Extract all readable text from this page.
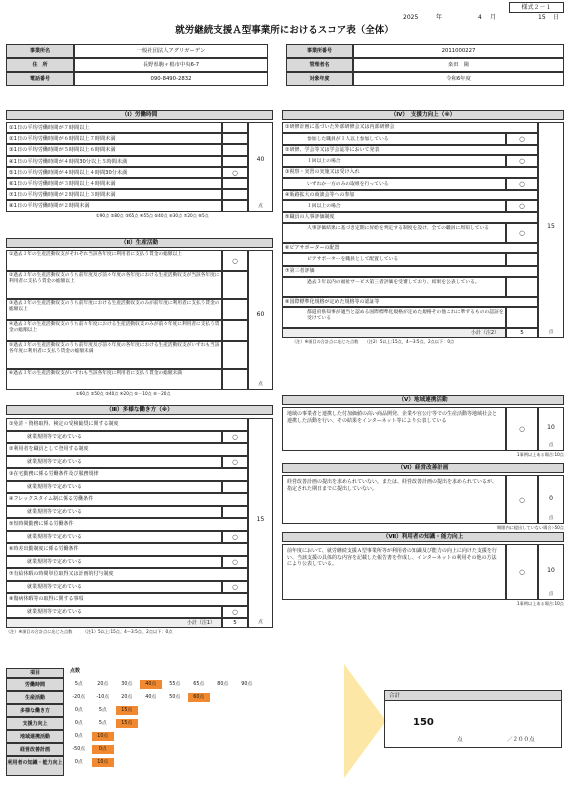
様式２－１
2025	年	4 月	15 日
就労継続支援Ａ型事業所におけるスコア表（全体）
事業所名	一般社団法人アグリガーデン
住　所	長野県駒ヶ根市中央6-7
電話番号	090-8490-2832
事業所番号	2011000227
管理者名	桒田　陽
対象年度	令和6年度
（Ⅰ）労働時間
①1日の平均労働時間が７時間以上
②1日の平均労働時間が６時間以上７時間未満
③1日の平均労働時間が５時間以上６時間未満
④1日の平均労働時間が４時間30分以上５時間未満
⑤1日の平均労働時間が４時間以上４時間30分未満	○
⑥1日の平均労働時間が３時間以上４時間未満
⑦1日の平均労働時間が２時間以上３時間未満
⑧1日の平均労働時間が２時間未満
40
点
①90点 ②80点 ③65点 ④55点 ⑤40点 ⑥30点 ⑦20点 ⑧5点
（Ⅱ）生産活動
①過去３年の生産活動収支がそれぞれ当該各年度に利用者に支払う賃金の総額以上
○
②過去３年の生産活動収支のうち前年度及び前々年度の各年度における生産活動収支が当該各年度に利用者に支払う賃金の総額以上
③過去３年の生産活動収支のうち前年度における生産活動収支のみが前年度に利用者に支払う賃金の総額以上
④過去３年の生産活動収支のうち前々年度における生産活動収支のみが前々年度に利用者に支払う賃金の総額以上
⑤過去３年の生産活動収支のうち前年度及び前々年度の各年度における生産活動収支がいずれも当該各年度に利用者に支払う賃金の総額未満
⑥過去３年の生産活動収支がいずれも当該各年度に利用者に支払う賃金の総額未満
60
点
①60点 ②50点 ③40点 ④20点 ⑤－10点 ⑥－20点
（Ⅲ）多様な働き方（※）
①免許・資格取得、検定の受検勧奨に関する制度
就業規則等で定めている	○
②利用者を職員として登用する制度
就業規則等で定めている	○
③在宅勤務に係る労働条件及び服務規律
就業規則等で定めている
④フレックスタイム制に係る労働条件
就業規則等で定めている
⑤短時間勤務に係る労働条件
就業規則等で定めている	○
⑥時差出勤制度に係る労働条件
就業規則等で定めている	○
⑦有給休暇の時間単位取得又は計画的付与制度
就業規則等で定めている	○
⑧傷病休暇等の取得に関する事項
就業規則等で定めている	○
小計（注1）	5
15
点
（注）※項目の合計点に応じた点数　　　（注1）5以上:15点、4～3:5点、2点以下：0点
（Ⅳ）　支援力向上（※）
①研修計画に基づいた外部研修会又は内部研修会
参加した職員が１人以上参加している	○
②研修、学会等又は学会誌等において発表
１回以上の場合	○
③視察・実習の実施又は受け入れ
いずれか一方のみの取組を行っている	○
④販路拡大の商談会等への参加
１回以上の場合	○
⑤職員の人事評価制度
人事評価結果に基づき定期に昇給を判定する制度を設け、全ての職員に周知している
○
⑥ピアサポーターの配置
ピアサポーターを職員として配置している
⑦第三者評価
過去３年以内の福祉サービス第三者評価を受審しており、結果を公表している。
⑧国際標準化規格が定めた規格等の認証等
都道府県知事が適当と認める国際標準化規格が定めた規格その他これに準ずるものの認証を受けている
小計（注2）	5
15
点
（注）※項目の合計点に応じた点数　　（注2）5以上:15点、4～3:5点、2点以下：0点
（Ⅴ）地域連携活動
地域の事業者と連携した付加価値の高い商品開発、企業や官公庁等での生産活動等地域社会と連携した活動を行い、その結果をインターネット等により公表している
○	10
点
1事例以上ある場合:10点
（Ⅵ）経営改善計画
経営改善計画の提出を求められていない。または、経営改善計画の提出を求められているが、指定された期日までに提出していない。
○	0
点
期限内に提出していない場合:-50点
（Ⅶ）利用者の知識・能力向上
前年度において、就労継続支援Ａ型事業所等が利用者の知識及び能力の向上に向けた支援を行い、当該支援の具体的な内容を記載した報告書を作成し、インターネットの利用その他の方法により公表している。
○	10
点
1事例以上ある場合:10点
項目	点数
労働時間	5点	20点	30点	40点	55点	65点	80点	90点
生産活動	-20点	-10点	20点	40点	50点	60点
多様な働き方	0点	5点	15点
支援力向上	0点	5点	15点
地域連携活動	0点	10点
経営改善計画	-50点	0点
利用者の知識・能力向上	0点	10点
合計
150
点	／２００点
